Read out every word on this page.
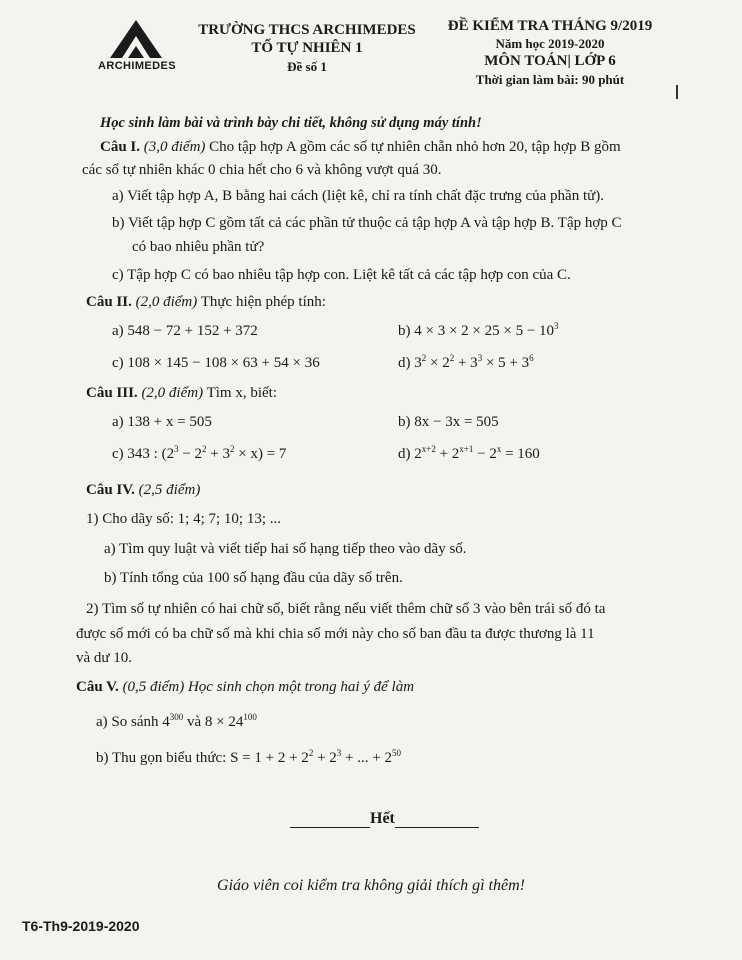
ARCHIMEDES
TRƯỜNG THCS ARCHIMEDES
TỔ TỰ NHIÊN 1
Đề số 1
ĐỀ KIỂM TRA THÁNG 9/2019
Năm học 2019-2020
MÔN TOÁN| LỚP 6
Thời gian làm bài: 90 phút
Học sinh làm bài và trình bày chi tiết, không sử dụng máy tính!
Câu I. (3,0 điểm) Cho tập hợp A gồm các số tự nhiên chẵn nhỏ hơn 20, tập hợp B gồm
các số tự nhiên khác 0 chia hết cho 6 và không vượt quá 30.
a) Viết tập hợp A, B bằng hai cách (liệt kê, chỉ ra tính chất đặc trưng của phần tử).
b) Viết tập hợp C gồm tất cả các phần tử thuộc cả tập hợp A và tập hợp B. Tập hợp C
có bao nhiêu phần tử?
c) Tập hợp C có bao nhiêu tập hợp con. Liệt kê tất cả các tập hợp con của C.
Câu II. (2,0 điểm) Thực hiện phép tính:
a) 548 − 72 + 152 + 372	b) $4 \times 3 \times 2 \times 25 \times 5 - 10^3$
c) 108 × 145 − 108 × 63 + 54 × 36	d) $3^2 \times 2^2 + 3^3 \times 5 + 3^6$
Câu III. (2,0 điểm) Tìm x, biết:
a) 138 + x = 505	b) 8x − 3x = 505
c) 343 : $(2^3 - 2^2 + 3^2 \times x) = 7$	d) $2^{x+2} + 2^{x+1} - 2^x = 160$
Câu IV. (2,5 điểm)
1) Cho dãy số: 1; 4; 7; 10; 13; ...
a) Tìm quy luật và viết tiếp hai số hạng tiếp theo vào dãy số.
b) Tính tổng của 100 số hạng đầu của dãy số trên.
2) Tìm số tự nhiên có hai chữ số, biết rằng nếu viết thêm chữ số 3 vào bên trái số đó ta
được số mới có ba chữ số mà khi chia số mới này cho số ban đầu ta được thương là 11
và dư 10.
Câu V. (0,5 điểm) Học sinh chọn một trong hai ý để làm
a) So sánh $4^{300}$ và $8 \times 24^{100}$
b) Thu gọn biểu thức: $S = 1 + 2 + 2^2 + 2^3$ + ... + $2^{50}$
Hết
Giáo viên coi kiểm tra không giải thích gì thêm!
T6-Th9-2019-2020
